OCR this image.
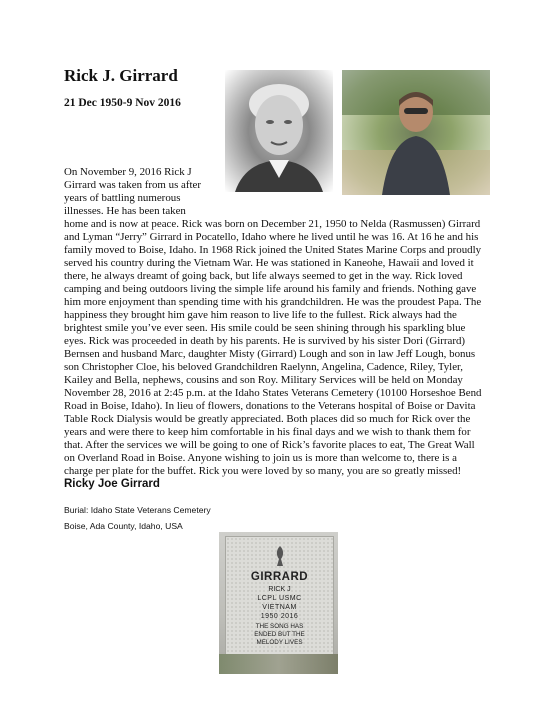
Rick J. Girrard
21 Dec 1950-9 Nov 2016
On November 9, 2016 Rick J Girrard was taken from us after years of battling numerous illnesses. He has been taken
home and is now at peace. Rick was born on December 21, 1950 to Nelda (Rasmussen) Girrard and Lyman “Jerry” Girrard in Pocatello, Idaho where he lived until he was 16. At 16 he and his family moved to Boise, Idaho. In 1968 Rick joined the United States Marine Corps and proudly served his country during the Vietnam War. He was stationed in Kaneohe, Hawaii and loved it there, he always dreamt of going back, but life always seemed to get in the way. Rick loved camping and being outdoors living the simple life around his family and friends. Nothing gave him more enjoyment than spending time with his grandchildren. He was the proudest Papa. The happiness they brought him gave him reason to live life to the fullest. Rick always had the brightest smile you’ve ever seen. His smile could be seen shining through his sparkling blue eyes. Rick was proceeded in death by his parents. He is survived by his sister Dori (Girrard) Bernsen and husband Marc, daughter Misty (Girrard) Lough and son in law Jeff Lough, bonus son Christopher Cloe, his beloved Grandchildren Raelynn, Angelina, Cadence, Riley, Tyler, Kailey and Bella, nephews, cousins and son Roy. Military Services will be held on Monday November 28, 2016 at 2:45 p.m. at the Idaho States Veterans Cemetery (10100 Horseshoe Bend Road in Boise, Idaho). In lieu of flowers, donations to the Veterans hospital of Boise or Davita Table Rock Dialysis would be greatly appreciated. Both places did so much for Rick over the years and were there to keep him comfortable in his final days and we wish to thank them for that. After the services we will be going to one of Rick’s favorite places to eat, The Great Wall on Overland Road in Boise. Anyone wishing to join us is more than welcome to, there is a charge per plate for the buffet. Rick you were loved by so many, you are so greatly missed!
Ricky Joe Girrard
Burial: Idaho State Veterans Cemetery
Boise, Ada County, Idaho, USA
GIRRARD
RICK J
LCPL USMC
VIETNAM
1950 2016
THE SONG HAS
ENDED BUT THE
MELODY LIVES
